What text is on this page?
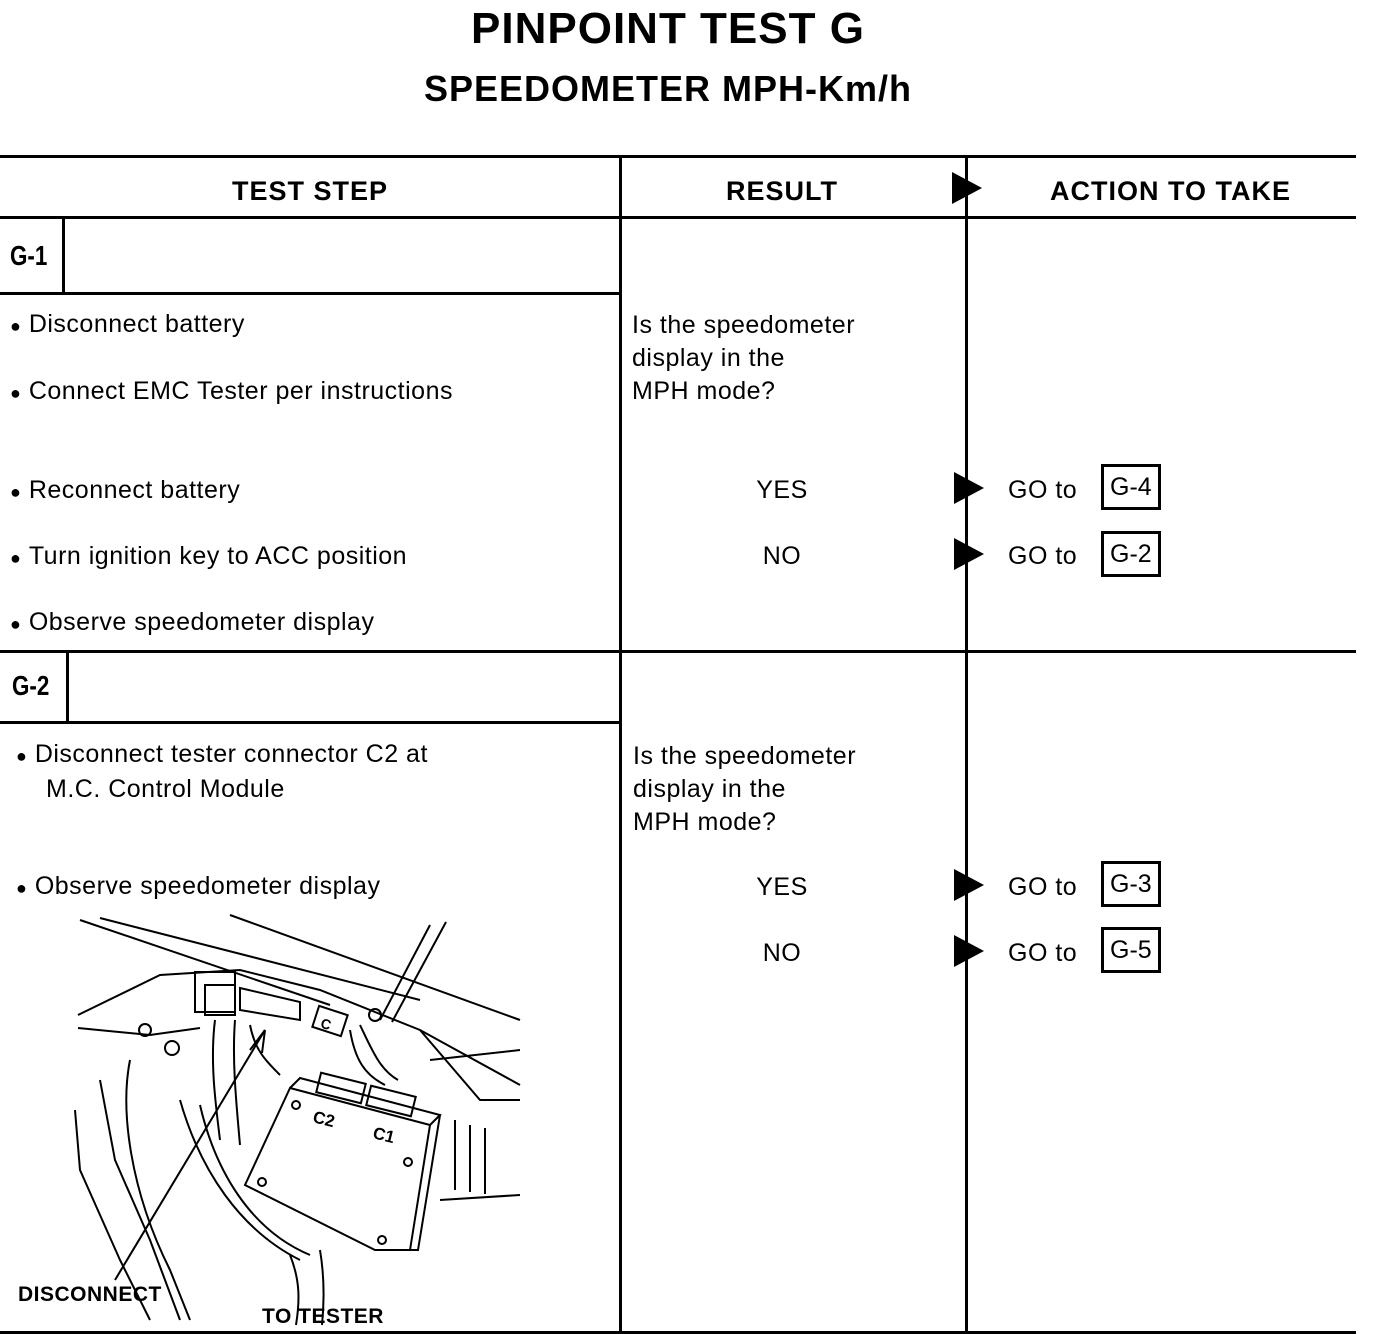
PINPOINT TEST G
SPEEDOMETER MPH-Km/h
TEST STEP	RESULT	ACTION TO TAKE
G-1
● Disconnect battery
● Connect EMC Tester per instructions
● Reconnect battery
● Turn ignition key to ACC position
● Observe speedometer display
Is the speedometer
display in the
MPH mode?
YES	GO to	G-4
NO	GO to	G-2
G-2
● Disconnect tester connector C2 at
M.C. Control Module
● Observe speedometer display
Is the speedometer
display in the
MPH mode?
YES	GO to	G-3
NO	GO to	G-5
C
C2
C1
DISCONNECT
TO TESTER
